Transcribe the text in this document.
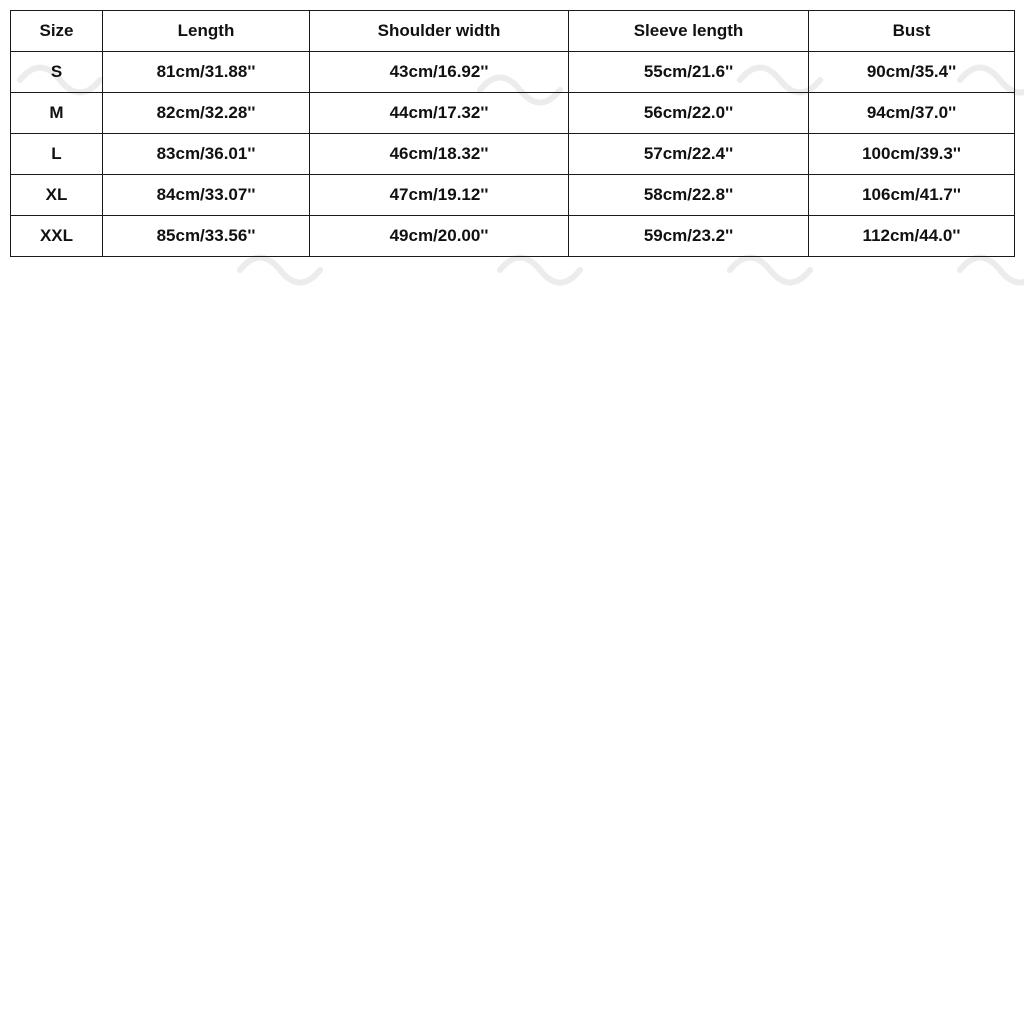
Size	Length	Shoulder width	Sleeve length	Bust
S	81cm/31.88''	43cm/16.92''	55cm/21.6''	90cm/35.4''
M	82cm/32.28''	44cm/17.32''	56cm/22.0''	94cm/37.0''
L	83cm/36.01''	46cm/18.32''	57cm/22.4''	100cm/39.3''
XL	84cm/33.07''	47cm/19.12''	58cm/22.8''	106cm/41.7''
XXL	85cm/33.56''	49cm/20.00''	59cm/23.2''	112cm/44.0''
